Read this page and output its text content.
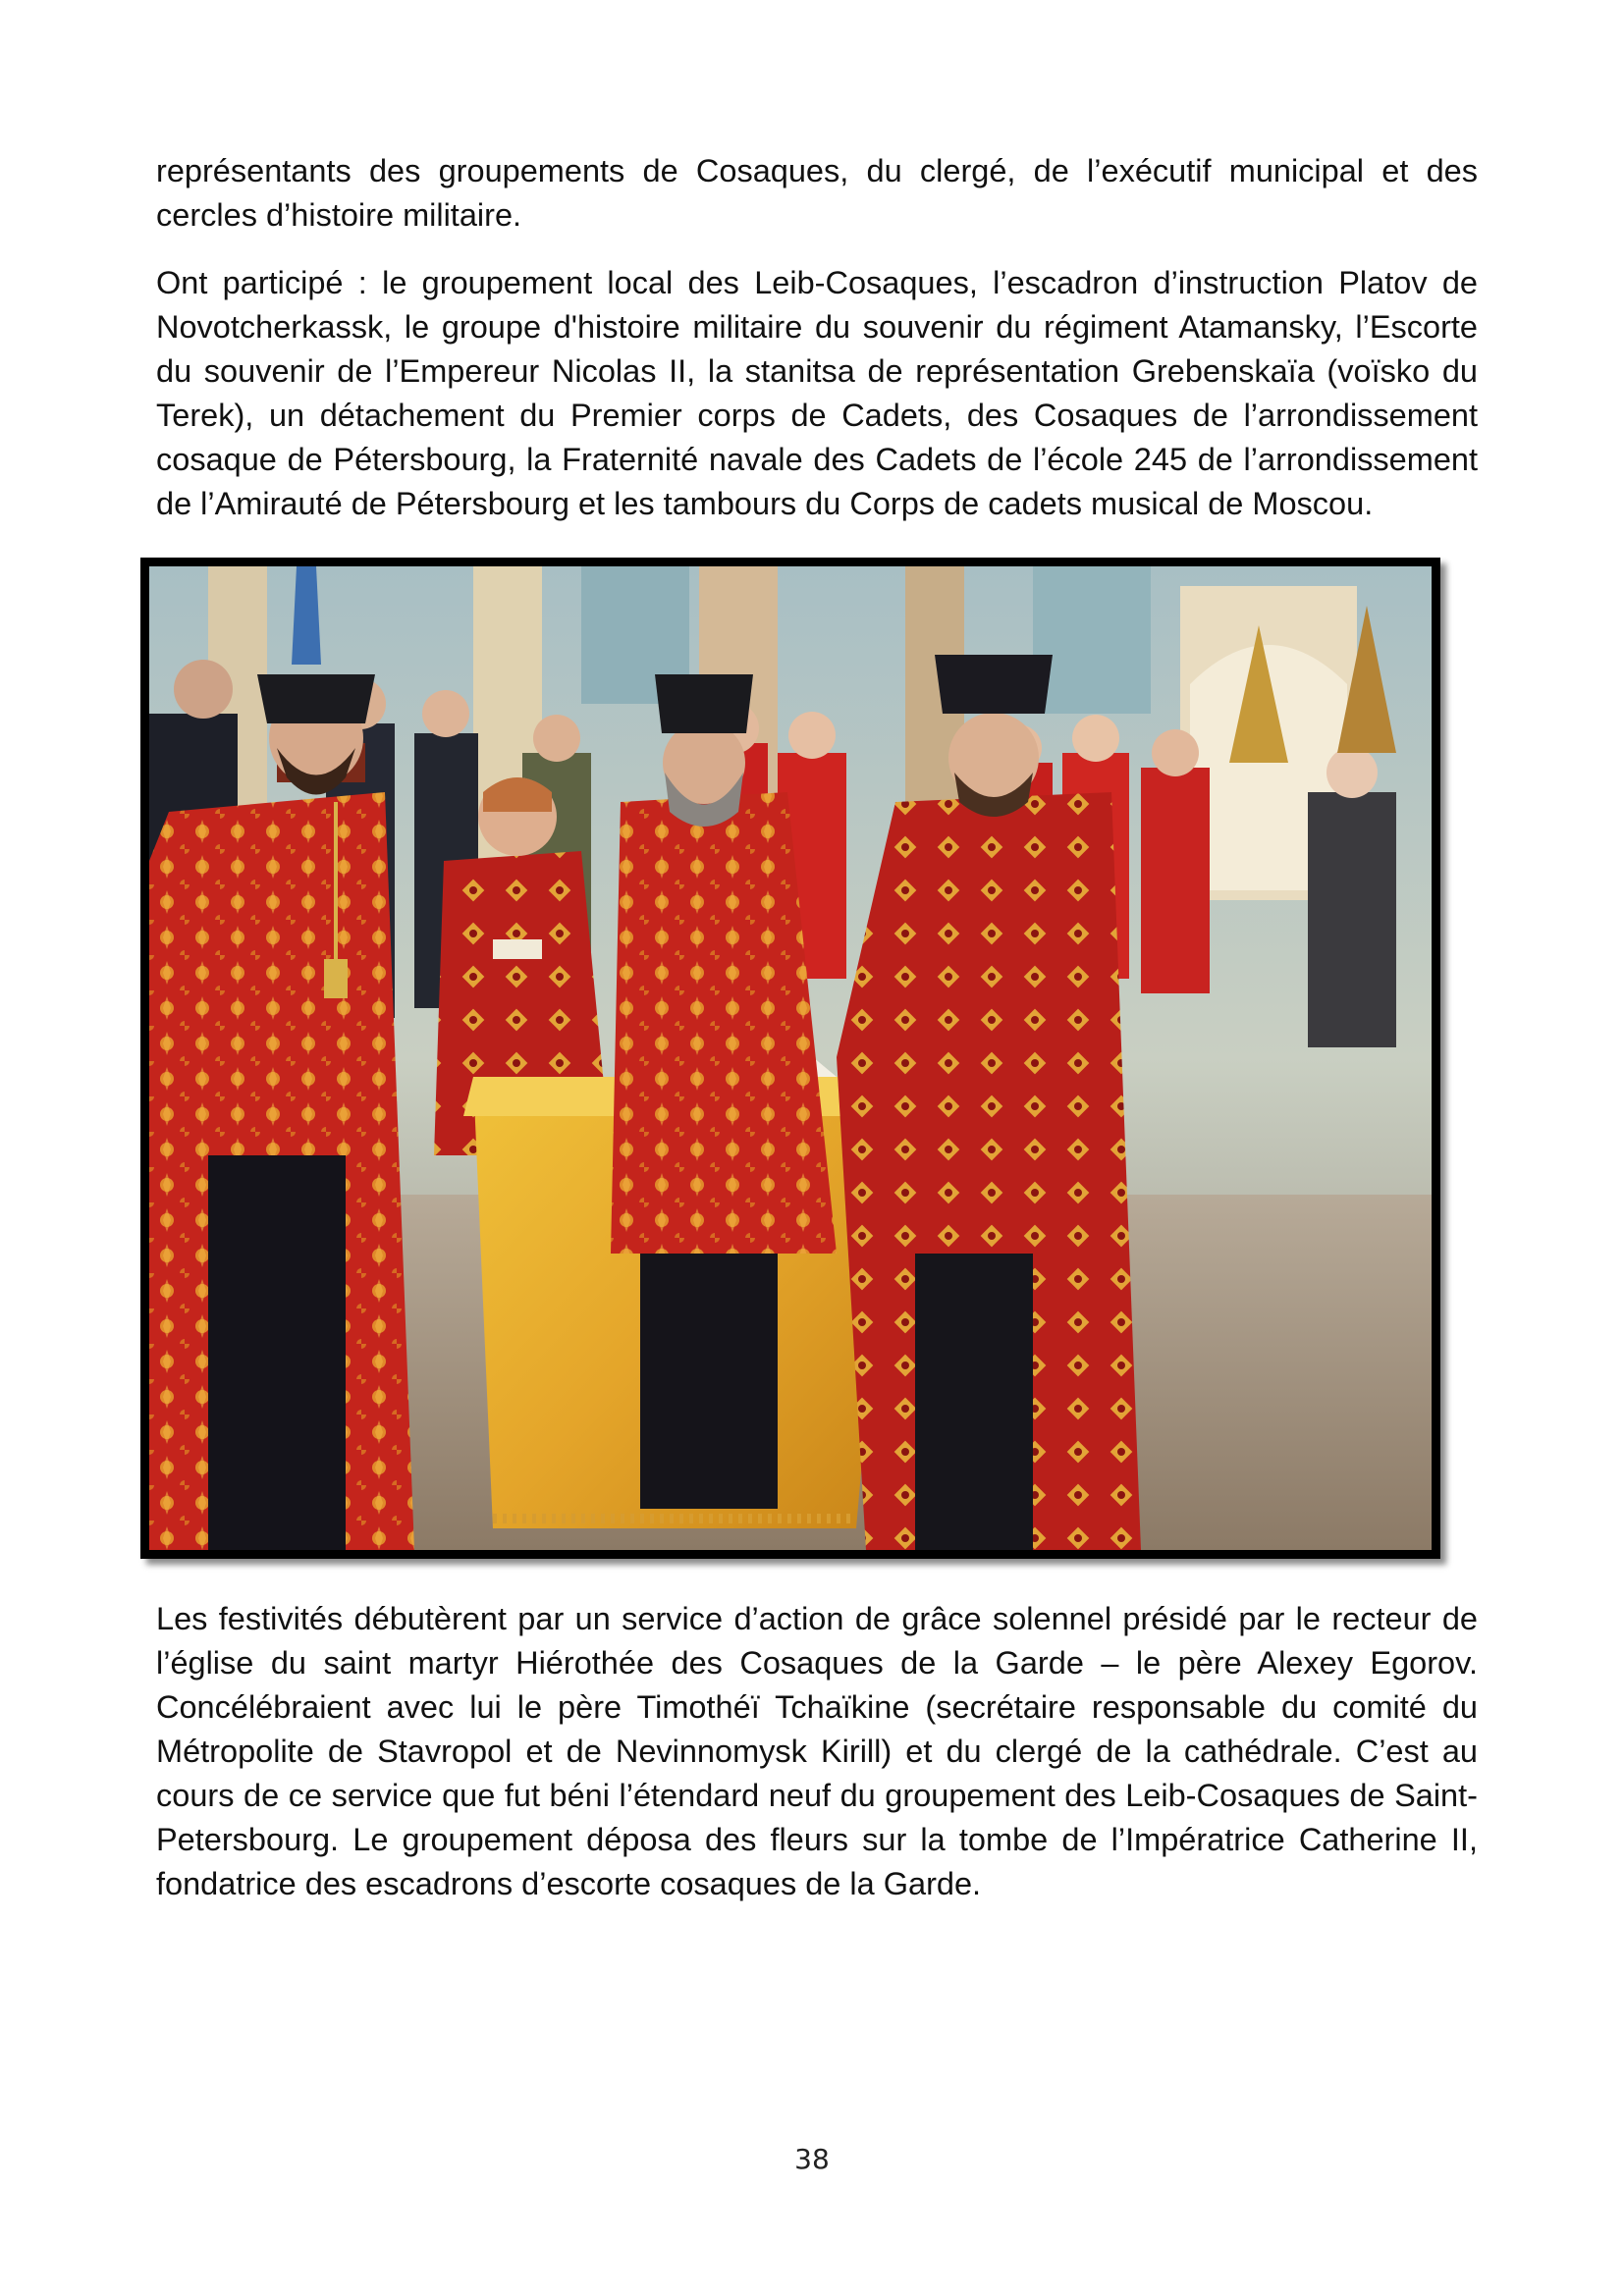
représentants des groupements de Cosaques, du clergé, de l’exécutif municipal et des cercles d’histoire militaire.

Ont participé : le groupement local des Leib-Cosaques, l’escadron d’instruction Platov de Novotcherkassk, le groupe d'histoire militaire du souvenir du régiment Atamansky, l’Escorte du souvenir de l’Empereur Nicolas II, la stanitsa de représentation Grebenskaïa (voïsko du Terek), un détachement du Premier corps de Cadets, des Cosaques de l’arrondissement cosaque de Pétersbourg, la Fraternité navale des Cadets de l’école 245 de l’arrondissement de l’Amirauté de Pétersbourg et les tambours du Corps de cadets musical de Moscou.

Les festivités débutèrent par un service d’action de grâce solennel présidé par le recteur de l’église du saint martyr Hiérothée des Cosaques de la Garde – le père Alexey Egorov. Concélébraient avec lui le père Timothéï Tchaïkine (secrétaire responsable du comité du Métropolite de Stavropol et de Nevinnomysk Kirill) et du clergé de la cathédrale. C’est au cours de ce service que fut béni l’étendard neuf du groupement des Leib-Cosaques de Saint-Petersbourg. Le groupement déposa des fleurs sur la tombe de l’Impératrice Catherine II, fondatrice des escadrons d’escorte cosaques de la Garde.

38
